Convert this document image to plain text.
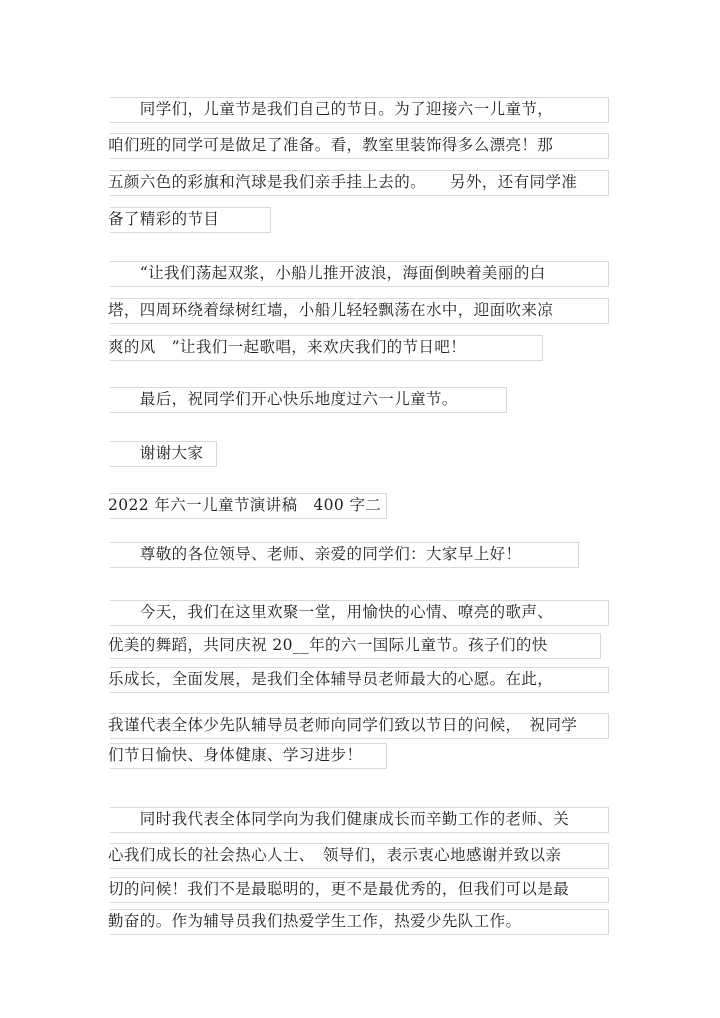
　　同学们，儿童节是我们自己的节日。为了迎接六一儿童节，
咱们班的同学可是做足了准备。看，教室里装饰得多么漂亮！那
五颜六色的彩旗和汽球是我们亲手挂上去的。　　另外，还有同学准
备了精彩的节目
　　“让我们荡起双浆，小船儿推开波浪，海面倒映着美丽的白
塔，四周环绕着绿树红墙，小船儿轻轻飘荡在水中，迎面吹来凉
爽的风　”让我们一起歌唱，来欢庆我们的节日吧！
　　最后，祝同学们开心快乐地度过六一儿童节。
　　谢谢大家
2022 年六一儿童节演讲稿　400 字二
　　尊敬的各位领导、老师、亲爱的同学们：大家早上好！
　　今天，我们在这里欢聚一堂，用愉快的心情、嘹亮的歌声、
优美的舞蹈，共同庆祝 20__年的六一国际儿童节。孩子们的快
乐成长，全面发展，是我们全体辅导员老师最大的心愿。在此，
我谨代表全体少先队辅导员老师向同学们致以节日的问候，　祝同学
们节日愉快、身体健康、学习进步！
　　同时我代表全体同学向为我们健康成长而辛勤工作的老师、关
心我们成长的社会热心人士、　领导们，表示衷心地感谢并致以亲
切的问候！我们不是最聪明的，更不是最优秀的，但我们可以是最
勤奋的。作为辅导员我们热爱学生工作，热爱少先队工作。
